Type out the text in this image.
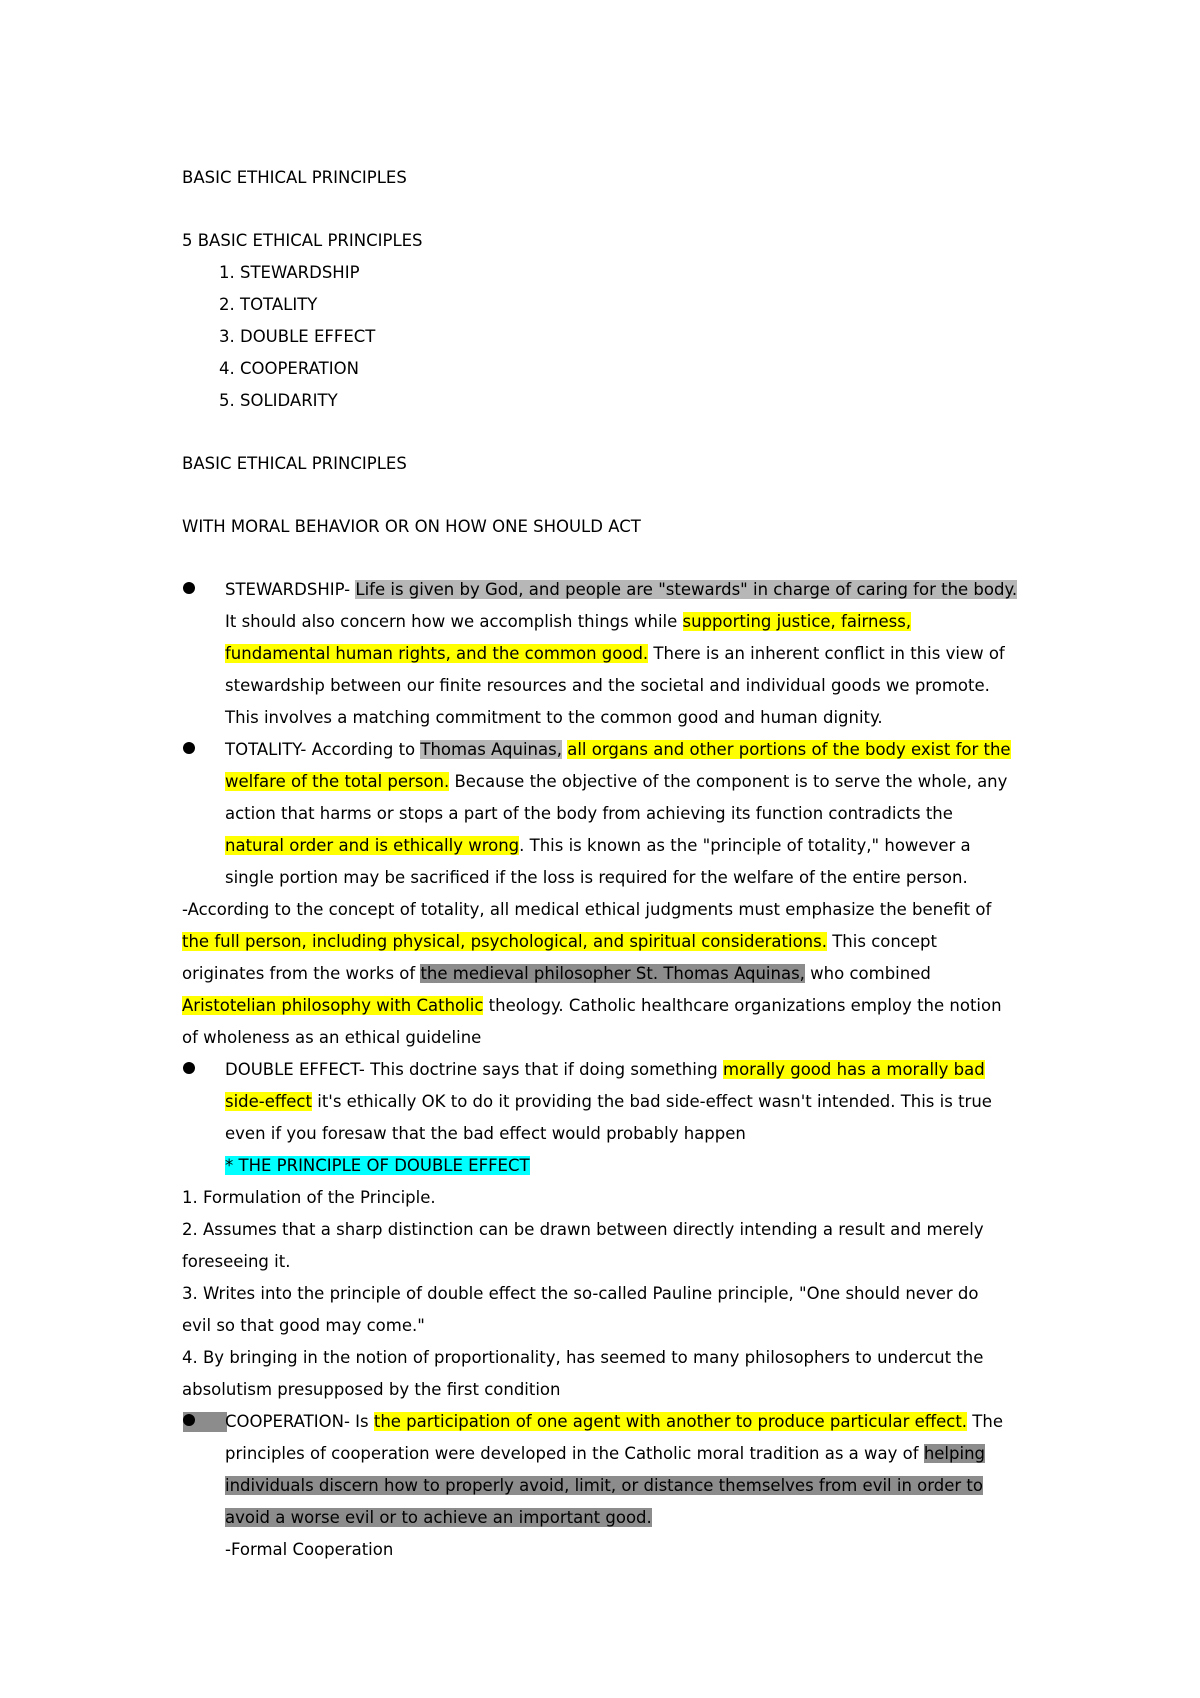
BASIC ETHICAL PRINCIPLES
5 BASIC ETHICAL PRINCIPLES
1. STEWARDSHIP
2. TOTALITY
3. DOUBLE EFFECT
4. COOPERATION
5. SOLIDARITY
BASIC ETHICAL PRINCIPLES
WITH MORAL BEHAVIOR OR ON HOW ONE SHOULD ACT
STEWARDSHIP- Life is given by God, and people are "stewards" in charge of caring for the body.
It should also concern how we accomplish things while supporting justice, fairness,
fundamental human rights, and the common good. There is an inherent conflict in this view of
stewardship between our finite resources and the societal and individual goods we promote.
This involves a matching commitment to the common good and human dignity.
TOTALITY- According to Thomas Aquinas, all organs and other portions of the body exist for the
welfare of the total person. Because the objective of the component is to serve the whole, any
action that harms or stops a part of the body from achieving its function contradicts the
natural order and is ethically wrong. This is known as the "principle of totality," however a
single portion may be sacrificed if the loss is required for the welfare of the entire person.
-According to the concept of totality, all medical ethical judgments must emphasize the benefit of
the full person, including physical, psychological, and spiritual considerations. This concept
originates from the works of the medieval philosopher St. Thomas Aquinas, who combined
Aristotelian philosophy with Catholic theology. Catholic healthcare organizations employ the notion
of wholeness as an ethical guideline
DOUBLE EFFECT- This doctrine says that if doing something morally good has a morally bad
side-effect it's ethically OK to do it providing the bad side-effect wasn't intended. This is true
even if you foresaw that the bad effect would probably happen
* THE PRINCIPLE OF DOUBLE EFFECT
1. Formulation of the Principle.
2. Assumes that a sharp distinction can be drawn between directly intending a result and merely
foreseeing it.
3. Writes into the principle of double effect the so-called Pauline principle, "One should never do
evil so that good may come."
4. By bringing in the notion of proportionality, has seemed to many philosophers to undercut the
absolutism presupposed by the first condition
COOPERATION- Is the participation of one agent with another to produce particular effect. The
principles of cooperation were developed in the Catholic moral tradition as a way of helping
individuals discern how to properly avoid, limit, or distance themselves from evil in order to
avoid a worse evil or to achieve an important good.
-Formal Cooperation
